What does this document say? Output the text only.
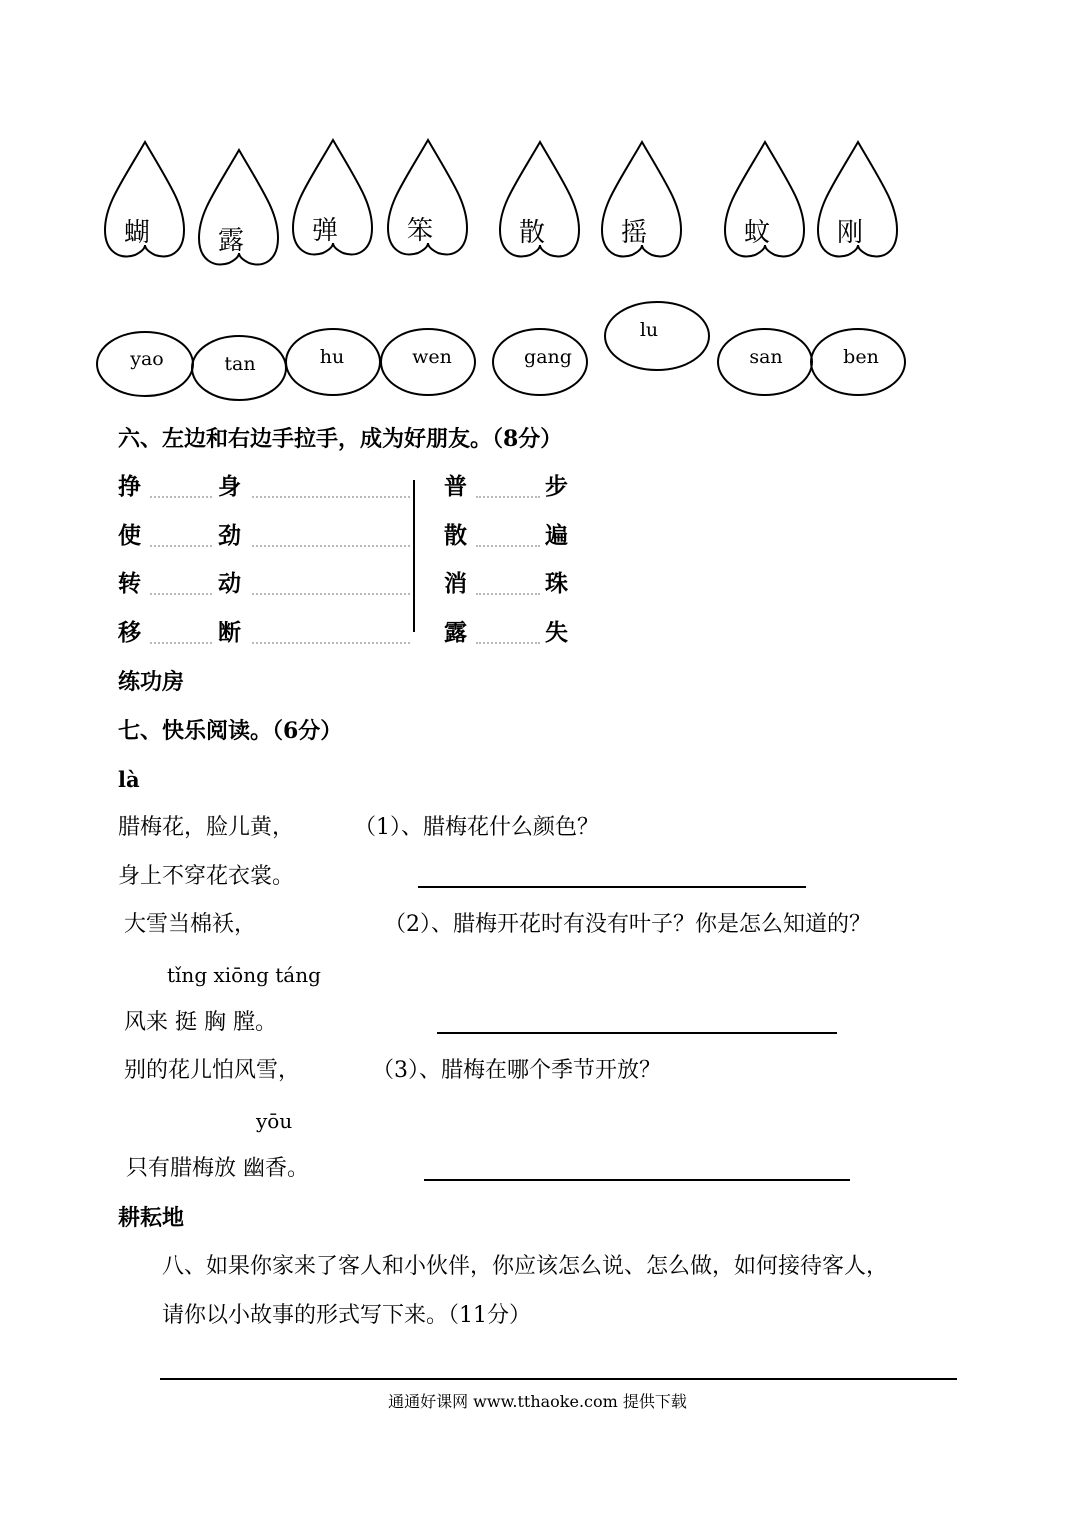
蝴	露	弹	笨	散	摇	蚊	刚
yao	tan	hu	wen	gang
lu
san	ben
六、左边和右边手拉手，成为好朋友。（8分）
挣	身	普	步
使	劲	散	遍
转	动	消	珠
移	断	露	失
练功房
七、快乐阅读。（6分）
là
腊梅花，脸儿黄，	（1）、腊梅花什么颜色？
身上不穿花衣裳。
大雪当棉袄，	（2）、腊梅开花时有没有叶子？你是怎么知道的？
tǐng xiōng táng
风来 挺 胸 膛。
别的花儿怕风雪，	（3）、腊梅在哪个季节开放？
yōu
只有腊梅放 幽香。
耕耘地
八、如果你家来了客人和小伙伴，你应该怎么说、怎么做，如何接待客人，
请你以小故事的形式写下来。（11分）
通通好课网 www.tthaoke.com 提供下载
